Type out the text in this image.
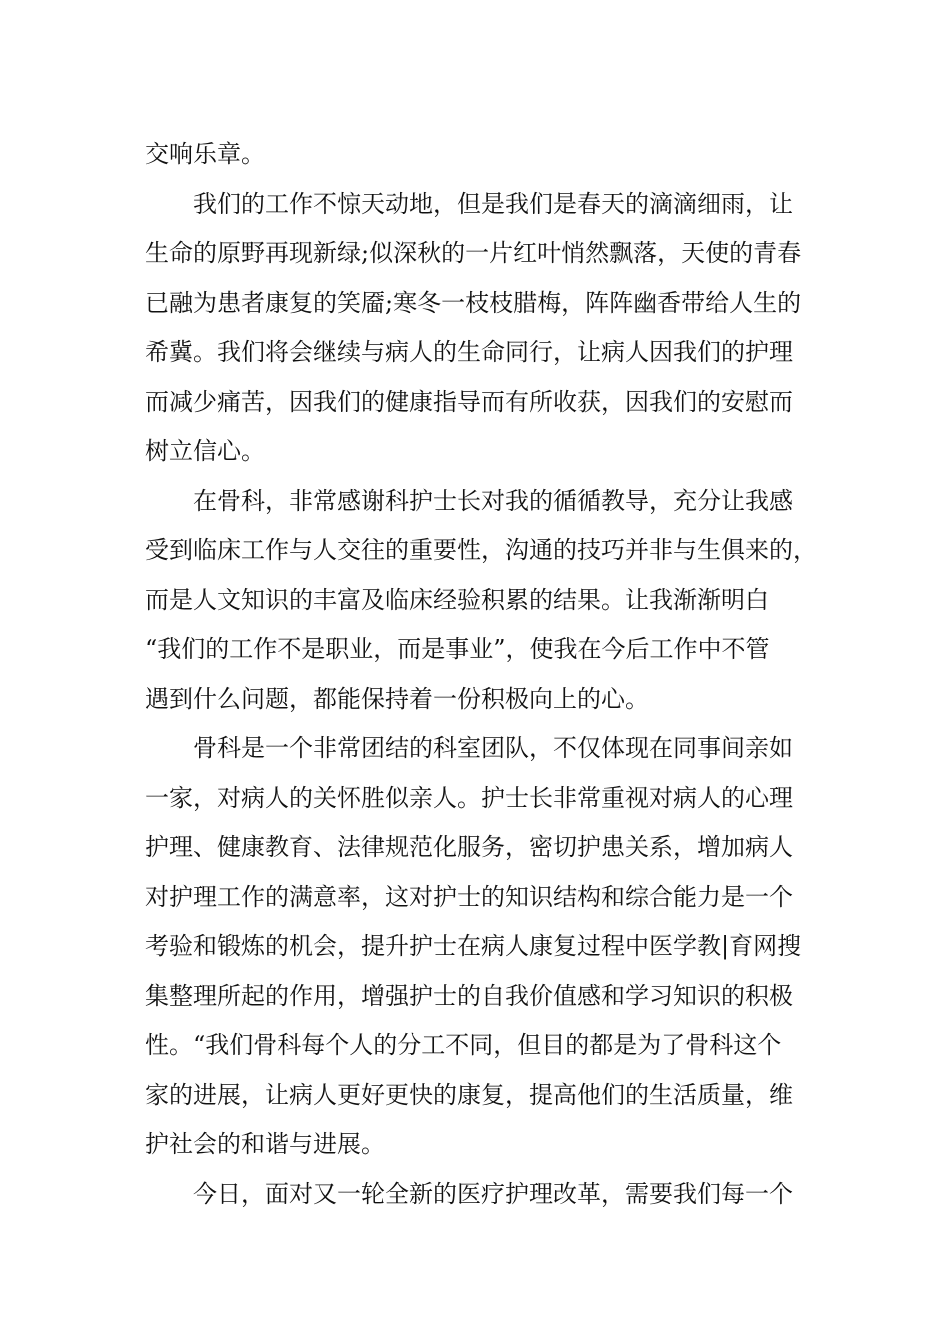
交响乐章。
我们的工作不惊天动地，但是我们是春天的滴滴细雨，让
生命的原野再现新绿;似深秋的一片红叶悄然飘落，天使的青春
已融为患者康复的笑靥;寒冬一枝枝腊梅，阵阵幽香带给人生的
希冀。我们将会继续与病人的生命同行，让病人因我们的护理
而减少痛苦，因我们的健康指导而有所收获，因我们的安慰而
树立信心。
在骨科，非常感谢科护士长对我的循循教导，充分让我感
受到临床工作与人交往的重要性，沟通的技巧并非与生俱来的，
而是人文知识的丰富及临床经验积累的结果。让我渐渐明白
“我们的工作不是职业，而是事业”，使我在今后工作中不管
遇到什么问题，都能保持着一份积极向上的心。
骨科是一个非常团结的科室团队，不仅体现在同事间亲如
一家，对病人的关怀胜似亲人。护士长非常重视对病人的心理
护理、健康教育、法律规范化服务，密切护患关系，增加病人
对护理工作的满意率，这对护士的知识结构和综合能力是一个
考验和锻炼的机会，提升护士在病人康复过程中医学教|育网搜
集整理所起的作用，增强护士的自我价值感和学习知识的积极
性。“我们骨科每个人的分工不同，但目的都是为了骨科这个
家的进展，让病人更好更快的康复，提高他们的生活质量，维
护社会的和谐与进展。
今日，面对又一轮全新的医疗护理改革，需要我们每一个
